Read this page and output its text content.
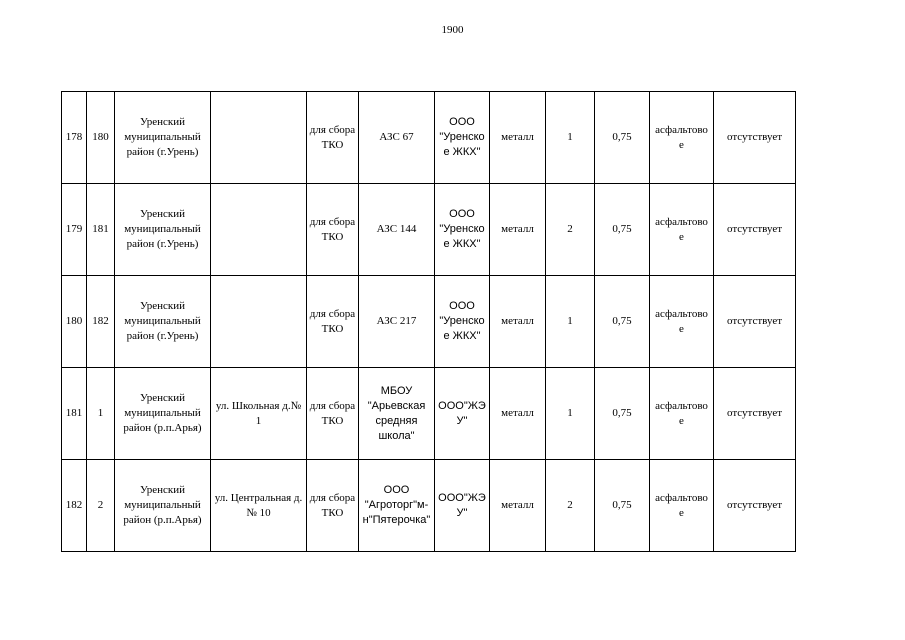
1900
178	180	Уренский муниципальный район (г.Урень)		для сбора ТКО	АЗС 67	ООО "Уренско е ЖКХ"	металл	1	0,75	асфальтово е	отсутствует
179	181	Уренский муниципальный район (г.Урень)		для сбора ТКО	АЗС 144	ООО "Уренско е ЖКХ"	металл	2	0,75	асфальтово е	отсутствует
180	182	Уренский муниципальный район (г.Урень)		для сбора ТКО	АЗС 217	ООО "Уренско е ЖКХ"	металл	1	0,75	асфальтово е	отсутствует
181	1	Уренский муниципальный район (р.п.Арья)	ул. Школьная д.№ 1	для сбора ТКО	МБОУ "Арьевская средняя школа"	ООО"ЖЭ У"	металл	1	0,75	асфальтово е	отсутствует
182	2	Уренский муниципальный район (р.п.Арья)	ул. Центральная д.№ 10	для сбора ТКО	ООО "Агроторг"м-н"Пятерочка"	ООО"ЖЭ У"	металл	2	0,75	асфальтово е	отсутствует
